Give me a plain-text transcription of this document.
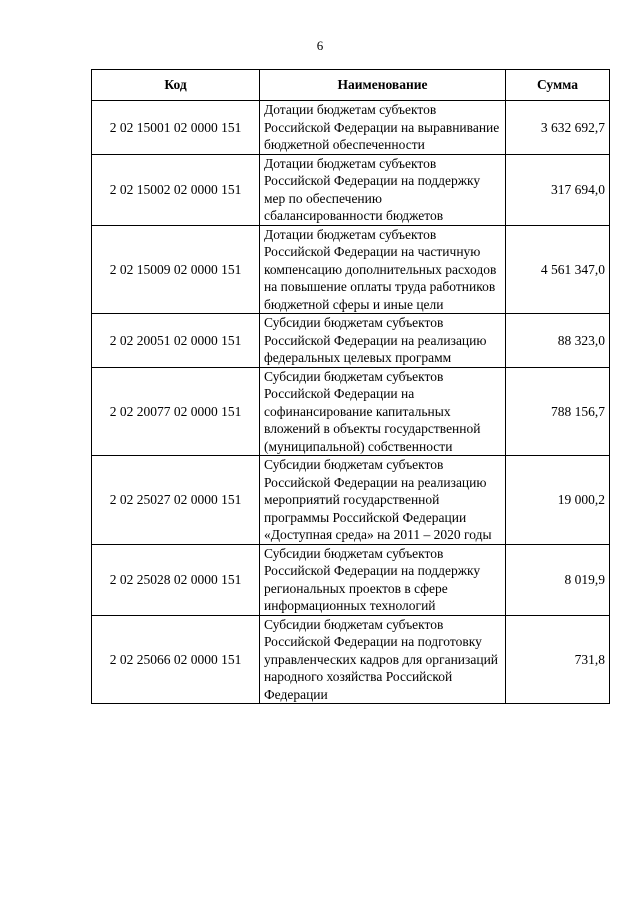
6
Код	Наименование	Сумма
2 02 15001 02 0000 151	Дотации бюджетам субъектов Российской Федерации на выравнивание бюджетной обеспеченности	3 632 692,7
2 02 15002 02 0000 151	Дотации бюджетам субъектов Российской Федерации на поддержку мер по обеспечению сбалансированности бюджетов	317 694,0
2 02 15009 02 0000 151	Дотации бюджетам субъектов Российской Федерации на частичную компенсацию дополнительных расходов на повышение оплаты труда работников бюджетной сферы и иные цели	4 561 347,0
2 02 20051 02 0000 151	Субсидии бюджетам субъектов Российской Федерации на реализацию федеральных целевых программ	88 323,0
2 02 20077 02 0000 151	Субсидии бюджетам субъектов Российской Федерации на софинансирование капитальных вложений в объекты государственной (муниципальной) собственности	788 156,7
2 02 25027 02 0000 151	Субсидии бюджетам субъектов Российской Федерации на реализацию мероприятий государственной программы Российской Федерации «Доступная среда» на 2011 – 2020 годы	19 000,2
2 02 25028 02 0000 151	Субсидии бюджетам субъектов Российской Федерации на поддержку региональных проектов в сфере информационных технологий	8 019,9
2 02 25066 02 0000 151	Субсидии бюджетам субъектов Российской Федерации на подготовку управленческих кадров для организаций народного хозяйства Российской Федерации	731,8
